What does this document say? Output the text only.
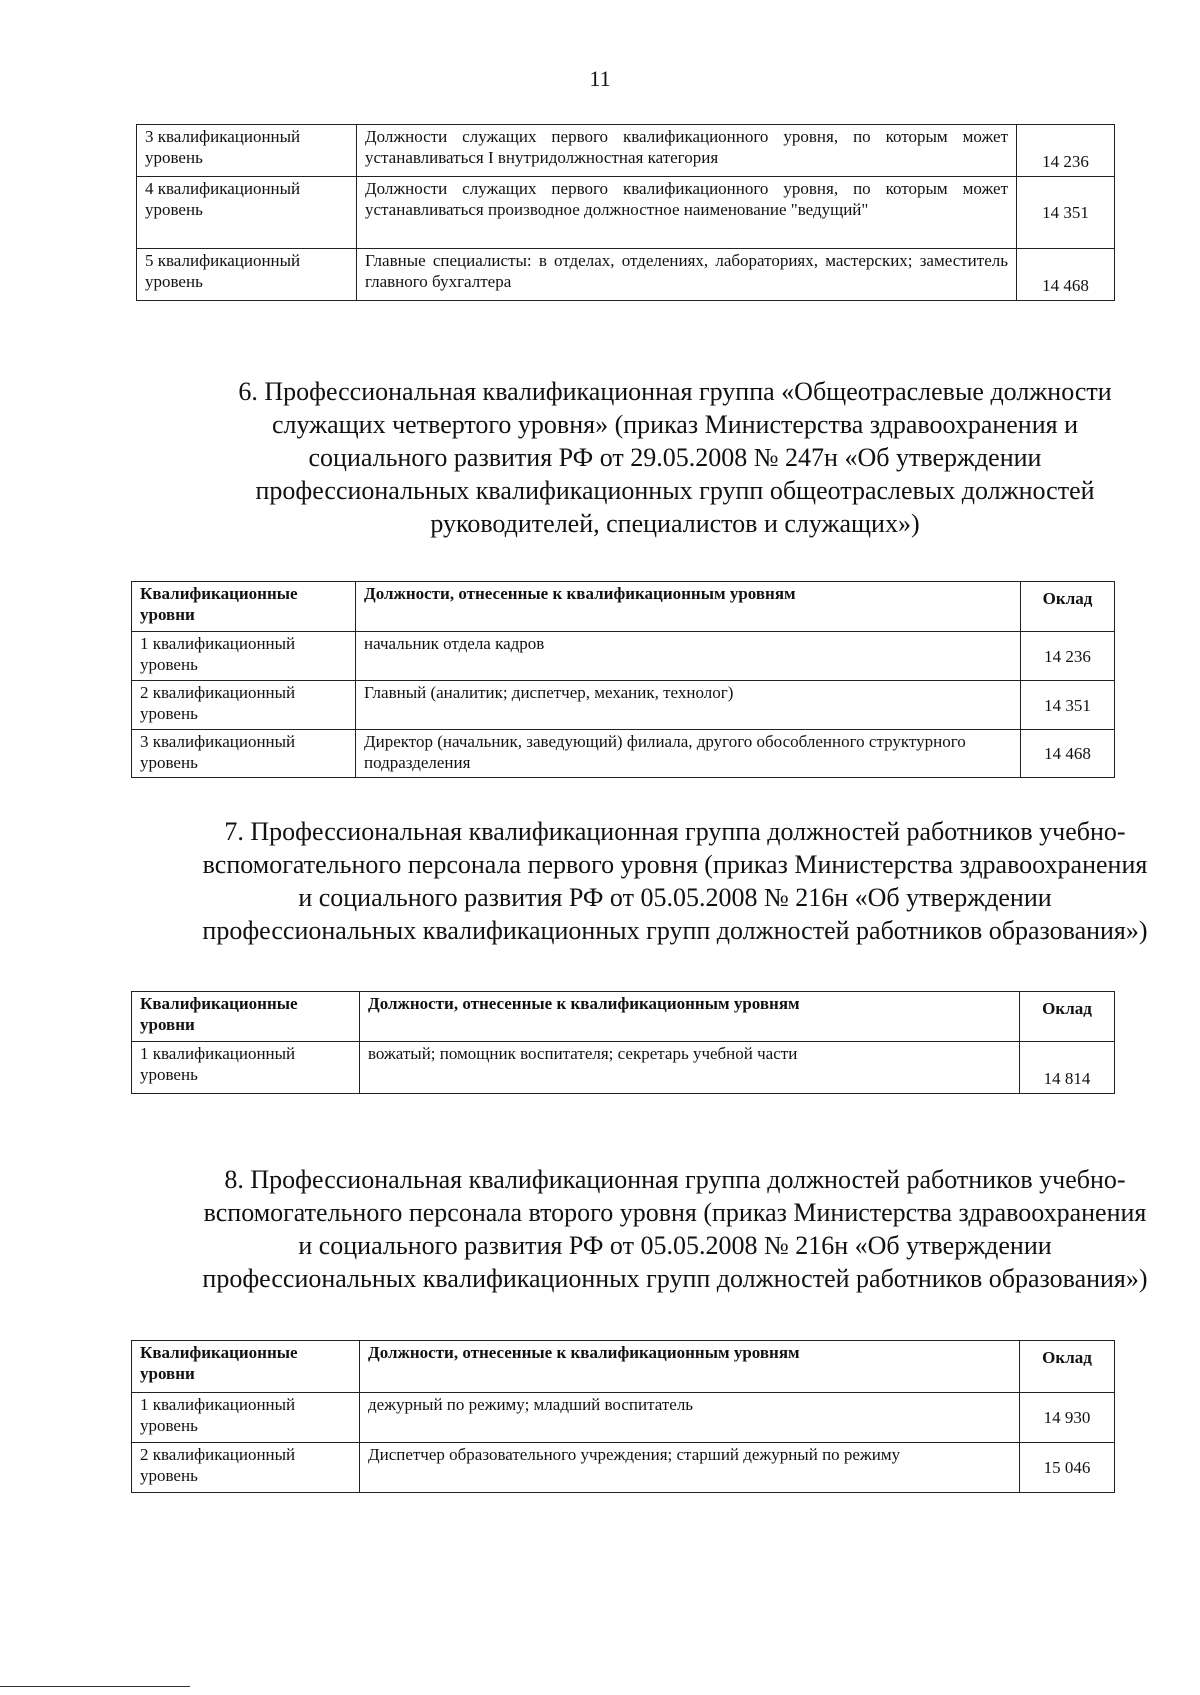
11
3 квалификационный уровень	Должности служащих первого квалификационного уровня, по которым может устанавливаться I внутридолжностная категория	14 236
4 квалификационный уровень	Должности служащих первого квалификационного уровня, по которым может устанавливаться производное должностное наименование "ведущий"	14 351
5 квалификационный уровень	Главные специалисты: в отделах, отделениях, лабораториях, мастерских; заместитель главного бухгалтера	14 468
6. Профессиональная квалификационная группа «Общеотраслевые должности служащих четвертого уровня» (приказ Министерства здравоохранения и социального развития РФ от 29.05.2008 № 247н «Об утверждении профессиональных квалификационных групп общеотраслевых должностей руководителей, специалистов и служащих»)
Квалификационные уровни	Должности, отнесенные к квалификационным уровням	Оклад
1 квалификационный уровень	начальник отдела кадров	14 236
2 квалификационный уровень	Главный (аналитик; диспетчер, механик, технолог)	14 351
3 квалификационный уровень	Директор (начальник, заведующий) филиала, другого обособленного структурного подразделения	14 468
7. Профессиональная квалификационная группа должностей работников учебно-вспомогательного персонала первого уровня (приказ Министерства здравоохранения и социального развития РФ от 05.05.2008 № 216н «Об утверждении профессиональных квалификационных групп должностей работников образования»)
Квалификационные уровни	Должности, отнесенные к квалификационным уровням	Оклад
1 квалификационный уровень	вожатый; помощник воспитателя; секретарь учебной части	14 814
8. Профессиональная квалификационная группа должностей работников учебно-вспомогательного персонала второго уровня (приказ Министерства здравоохранения и социального развития РФ от 05.05.2008 № 216н «Об утверждении профессиональных квалификационных групп должностей работников образования»)
Квалификационные уровни	Должности, отнесенные к квалификационным уровням	Оклад
1 квалификационный уровень	дежурный по режиму; младший воспитатель	14 930
2 квалификационный уровень	Диспетчер образовательного учреждения; старший дежурный по режиму	15 046
